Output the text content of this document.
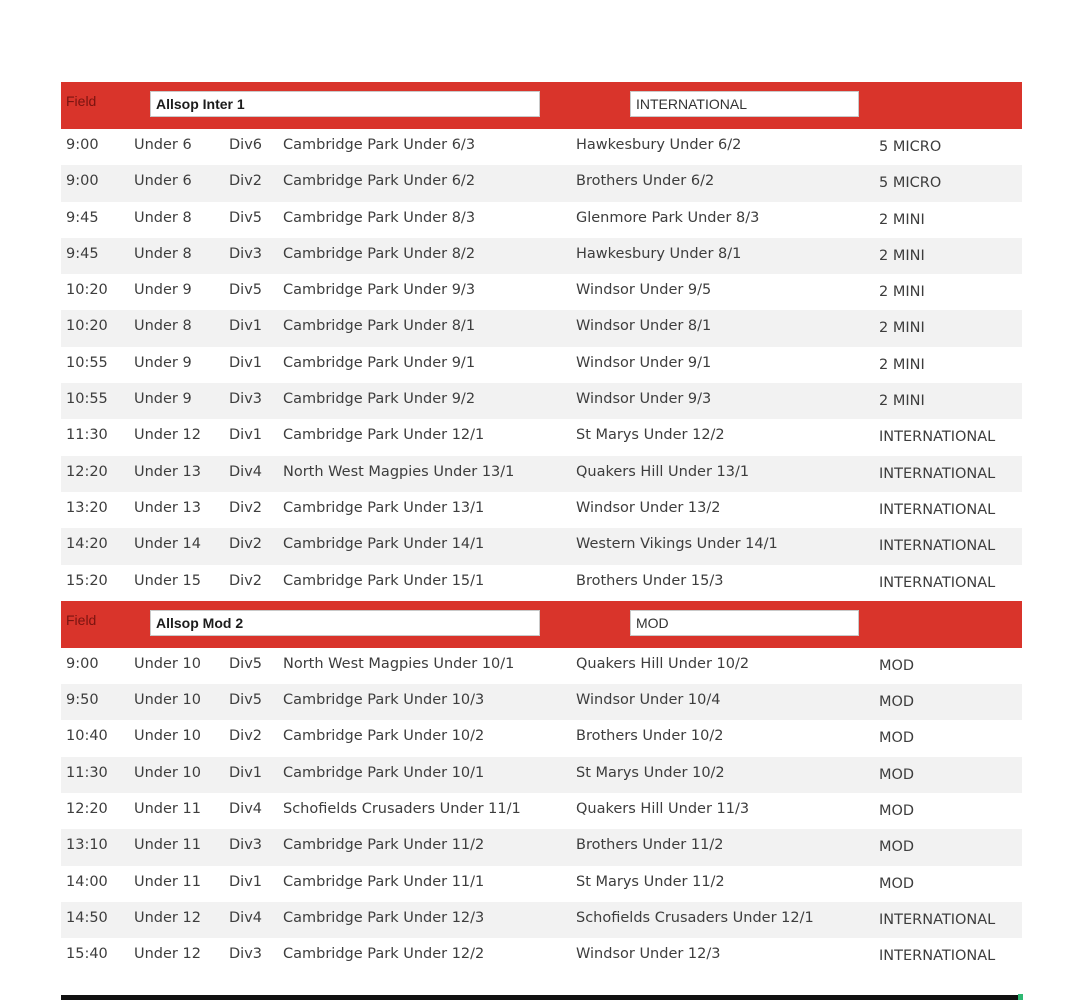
Field	Allsop Inter 1	INTERNATIONAL
9:00 Under 6	Div6 Cambridge Park Under 6/3	Hawkesbury Under 6/2	5 MICRO
9:00 Under 6	Div2 Cambridge Park Under 6/2	Brothers Under 6/2	5 MICRO
9:45 Under 8	Div5 Cambridge Park Under 8/3	Glenmore Park Under 8/3	2 MINI
9:45 Under 8	Div3 Cambridge Park Under 8/2	Hawkesbury Under 8/1	2 MINI
10:20 Under 9	Div5 Cambridge Park Under 9/3	Windsor Under 9/5	2 MINI
10:20 Under 8	Div1 Cambridge Park Under 8/1	Windsor Under 8/1	2 MINI
10:55 Under 9	Div1 Cambridge Park Under 9/1	Windsor Under 9/1	2 MINI
10:55 Under 9	Div3 Cambridge Park Under 9/2	Windsor Under 9/3	2 MINI
11:30 Under 12 Div1 Cambridge Park Under 12/1	St Marys Under 12/2	INTERNATIONAL
12:20 Under 13 Div4 North West Magpies Under 13/1	Quakers Hill Under 13/1	INTERNATIONAL
13:20 Under 13 Div2 Cambridge Park Under 13/1	Windsor Under 13/2	INTERNATIONAL
14:20 Under 14 Div2 Cambridge Park Under 14/1	Western Vikings Under 14/1	INTERNATIONAL
15:20 Under 15 Div2 Cambridge Park Under 15/1	Brothers Under 15/3	INTERNATIONAL
Field	Allsop Mod 2	MOD
9:00 Under 10 Div5 North West Magpies Under 10/1	Quakers Hill Under 10/2	MOD
9:50 Under 10 Div5 Cambridge Park Under 10/3	Windsor Under 10/4	MOD
10:40 Under 10 Div2 Cambridge Park Under 10/2	Brothers Under 10/2	MOD
11:30 Under 10 Div1 Cambridge Park Under 10/1	St Marys Under 10/2	MOD
12:20 Under 11 Div4 Schofields Crusaders Under 11/1	Quakers Hill Under 11/3	MOD
13:10 Under 11 Div3 Cambridge Park Under 11/2	Brothers Under 11/2	MOD
14:00 Under 11 Div1 Cambridge Park Under 11/1	St Marys Under 11/2	MOD
14:50 Under 12 Div4 Cambridge Park Under 12/3	Schofields Crusaders Under 12/1	INTERNATIONAL
15:40 Under 12 Div3 Cambridge Park Under 12/2	Windsor Under 12/3	INTERNATIONAL
